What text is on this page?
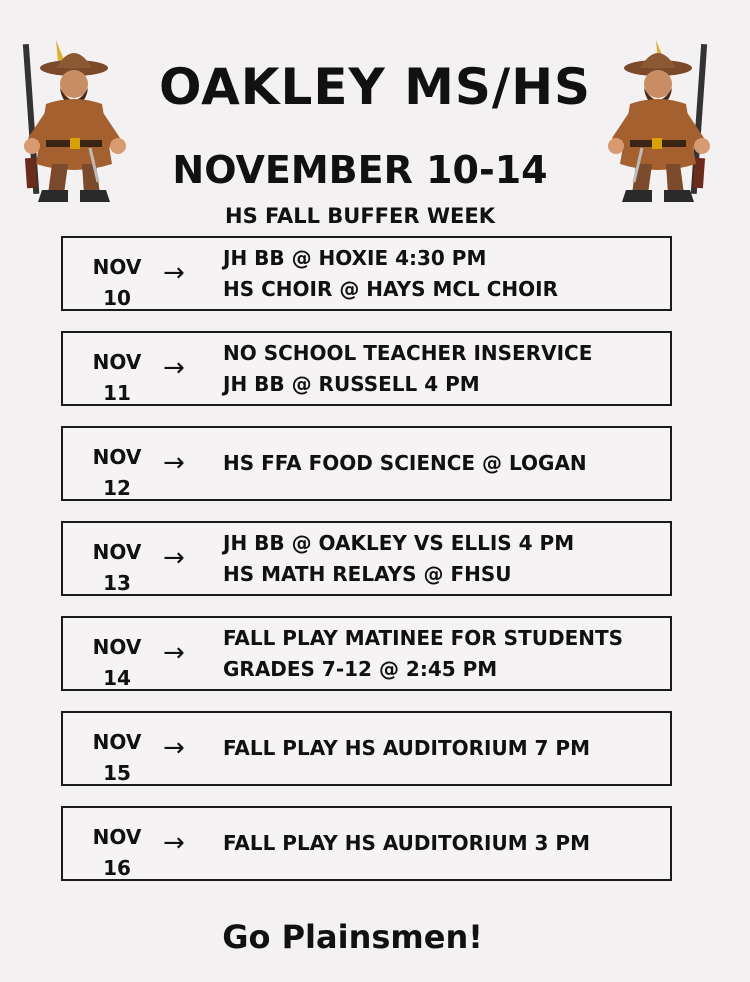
OAKLEY MS/HS
NOVEMBER 10-14
HS FALL BUFFER WEEK
NOV
10
→
JH BB @ HOXIE 4:30 PM
HS CHOIR @ HAYS MCL CHOIR
NOV
11
→
NO SCHOOL TEACHER INSERVICE
JH BB @ RUSSELL 4 PM
NOV
12
→ HS FFA FOOD SCIENCE @ LOGAN
NOV
13
→
JH BB @ OAKLEY VS ELLIS 4 PM
HS MATH RELAYS @ FHSU
NOV
14
→
FALL PLAY MATINEE FOR STUDENTS
GRADES 7-12 @ 2:45 PM
NOV
15
→ FALL PLAY HS AUDITORIUM 7 PM
NOV
16
→ FALL PLAY HS AUDITORIUM 3 PM
Go Plainsmen!
